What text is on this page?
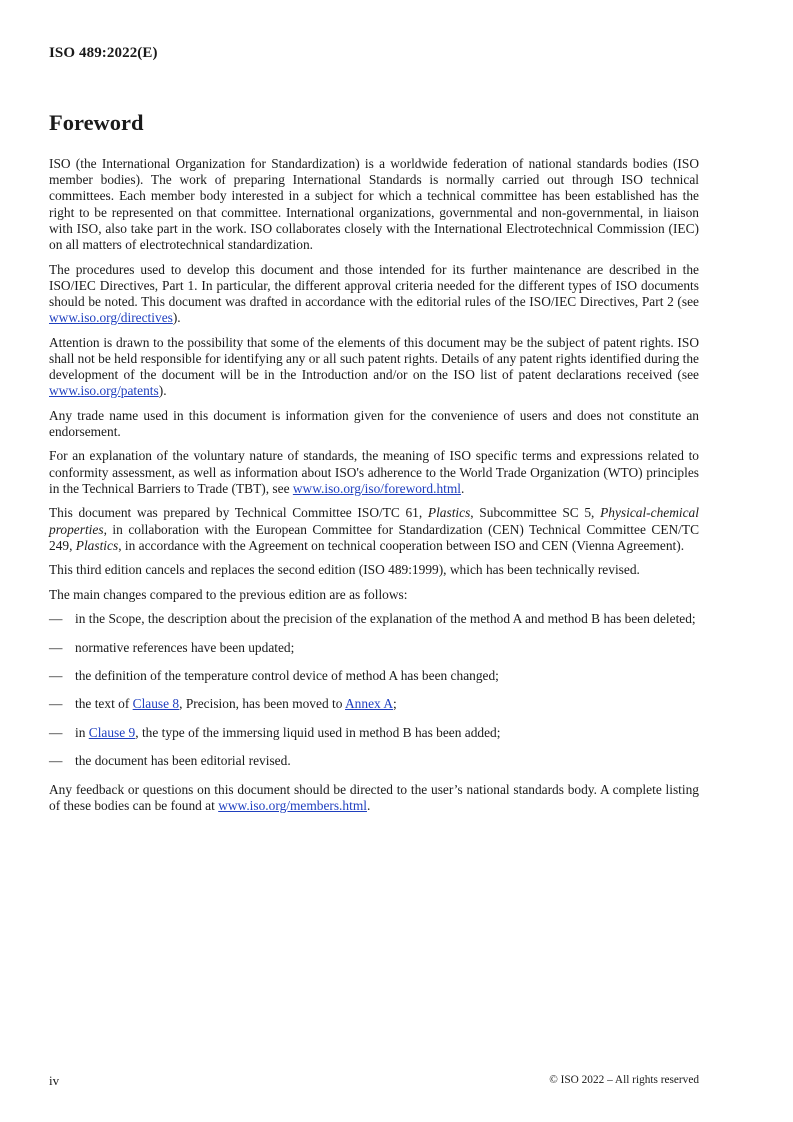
ISO 489:2022(E)
Foreword

ISO (the International Organization for Standardization) is a worldwide federation of national standards bodies (ISO member bodies). The work of preparing International Standards is normally carried out through ISO technical committees. Each member body interested in a subject for which a technical committee has been established has the right to be represented on that committee. International organizations, governmental and non-governmental, in liaison with ISO, also take part in the work. ISO collaborates closely with the International Electrotechnical Commission (IEC) on all matters of electrotechnical standardization.

The procedures used to develop this document and those intended for its further maintenance are described in the ISO/IEC Directives, Part 1. In particular, the different approval criteria needed for the different types of ISO documents should be noted. This document was drafted in accordance with the editorial rules of the ISO/IEC Directives, Part 2 (see www.iso.org/directives).

Attention is drawn to the possibility that some of the elements of this document may be the subject of patent rights. ISO shall not be held responsible for identifying any or all such patent rights. Details of any patent rights identified during the development of the document will be in the Introduction and/or on the ISO list of patent declarations received (see www.iso.org/patents).

Any trade name used in this document is information given for the convenience of users and does not constitute an endorsement.

For an explanation of the voluntary nature of standards, the meaning of ISO specific terms and expressions related to conformity assessment, as well as information about ISO's adherence to the World Trade Organization (WTO) principles in the Technical Barriers to Trade (TBT), see www.iso.org/iso/foreword.html.

This document was prepared by Technical Committee ISO/TC 61, Plastics, Subcommittee SC 5, Physical-chemical properties, in collaboration with the European Committee for Standardization (CEN) Technical Committee CEN/TC 249, Plastics, in accordance with the Agreement on technical cooperation between ISO and CEN (Vienna Agreement).

This third edition cancels and replaces the second edition (ISO 489:1999), which has been technically revised.

The main changes compared to the previous edition are as follows:

— in the Scope, the description about the precision of the explanation of the method A and method B has been deleted;
— normative references have been updated;
— the definition of the temperature control device of method A has been changed;
— the text of Clause 8, Precision, has been moved to Annex A;
— in Clause 9, the type of the immersing liquid used in method B has been added;
— the document has been editorial revised.

Any feedback or questions on this document should be directed to the user’s national standards body. A complete listing of these bodies can be found at www.iso.org/members.html.

iv	© ISO 2022 – All rights reserved
